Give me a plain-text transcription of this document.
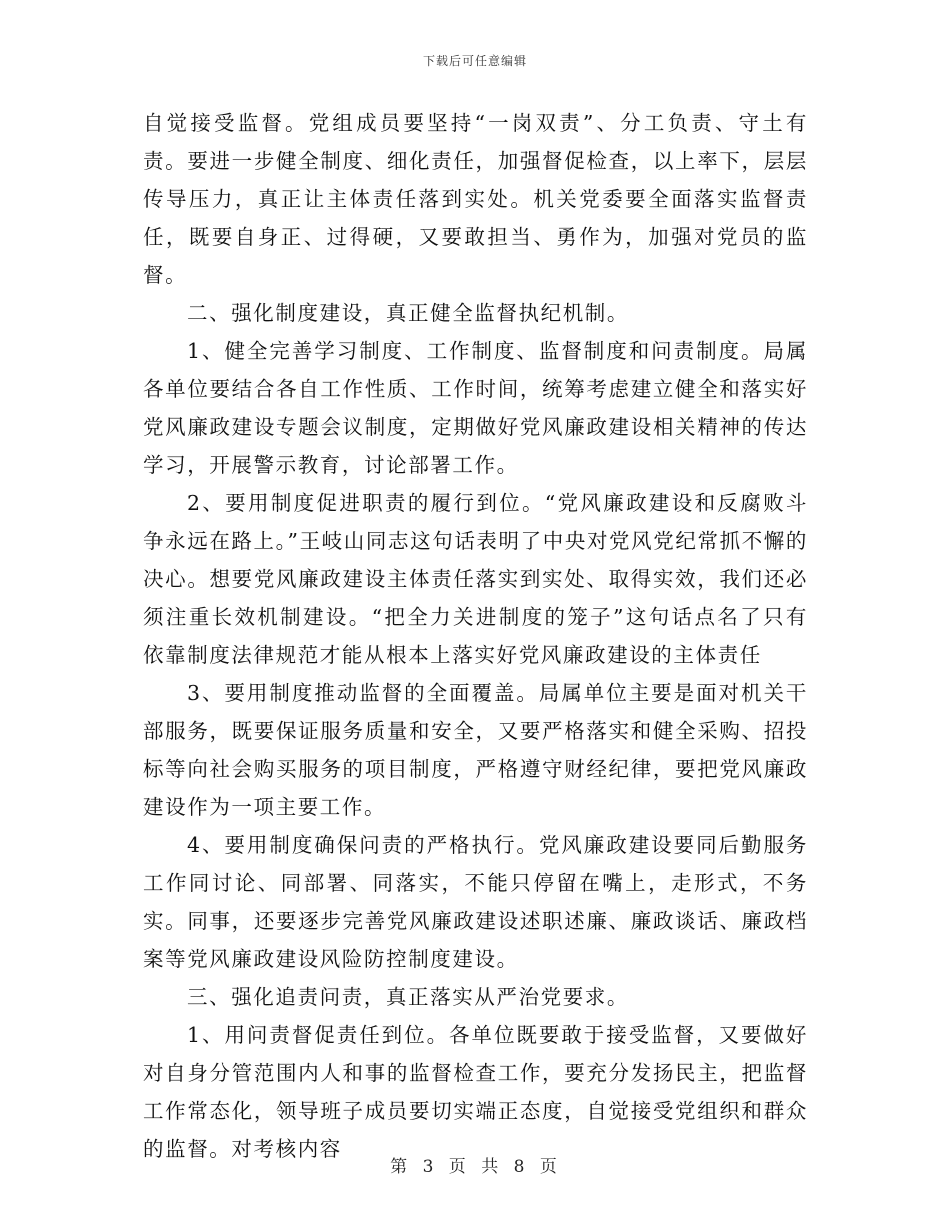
下载后可任意编辑

自觉接受监督。党组成员要坚持“一岗双责”、分工负责、守土有责。要进一步健全制度、细化责任，加强督促检查，以上率下，层层传导压力，真正让主体责任落到实处。机关党委要全面落实监督责任，既要自身正、过得硬，又要敢担当、勇作为，加强对党员的监督。

二、强化制度建设，真正健全监督执纪机制。

1、健全完善学习制度、工作制度、监督制度和问责制度。局属各单位要结合各自工作性质、工作时间，统筹考虑建立健全和落实好党风廉政建设专题会议制度，定期做好党风廉政建设相关精神的传达学习，开展警示教育，讨论部署工作。

2、要用制度促进职责的履行到位。“党风廉政建设和反腐败斗争永远在路上。”王岐山同志这句话表明了中央对党风党纪常抓不懈的决心。想要党风廉政建设主体责任落实到实处、取得实效，我们还必须注重长效机制建设。“把全力关进制度的笼子”这句话点名了只有依靠制度法律规范才能从根本上落实好党风廉政建设的主体责任

3、要用制度推动监督的全面覆盖。局属单位主要是面对机关干部服务，既要保证服务质量和安全，又要严格落实和健全采购、招投标等向社会购买服务的项目制度，严格遵守财经纪律，要把党风廉政建设作为一项主要工作。

4、要用制度确保问责的严格执行。党风廉政建设要同后勤服务工作同讨论、同部署、同落实，不能只停留在嘴上，走形式，不务实。同事，还要逐步完善党风廉政建设述职述廉、廉政谈话、廉政档案等党风廉政建设风险防控制度建设。

三、强化追责问责，真正落实从严治党要求。

1、用问责督促责任到位。各单位既要敢于接受监督，又要做好对自身分管范围内人和事的监督检查工作，要充分发扬民主，把监督工作常态化，领导班子成员要切实端正态度，自觉接受党组织和群众的监督。对考核内容

第 3 页 共 8 页
